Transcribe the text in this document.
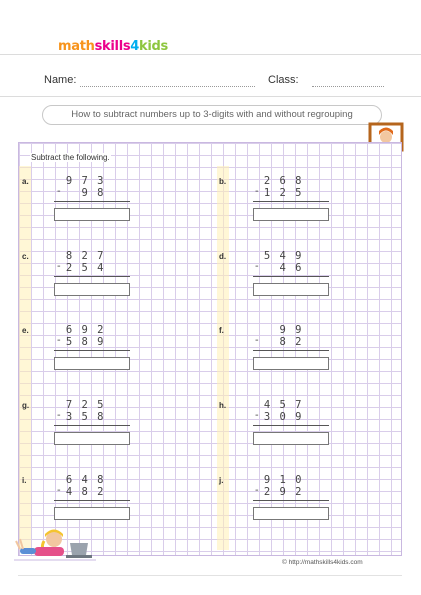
mathskills4kids
Name:	Class:
How to subtract numbers up to 3-digits with and without regrouping
Subtract the following.
a.	9 7 3
-	9 8
b.	2 6 8
- 1 2 5
c.	8 2 7
- 2 5 4
d.	5 4 9
-	4 6
e.	6 9 2
- 5 8 9
f.	9 9
-	8 2
g.	7 2 5
- 3 5 8
h.	4 5 7
- 3 0 9
i.	6 4 8
- 4 8 2
j.	9 1 0
- 2 9 2
© http://mathskills4kids.com
